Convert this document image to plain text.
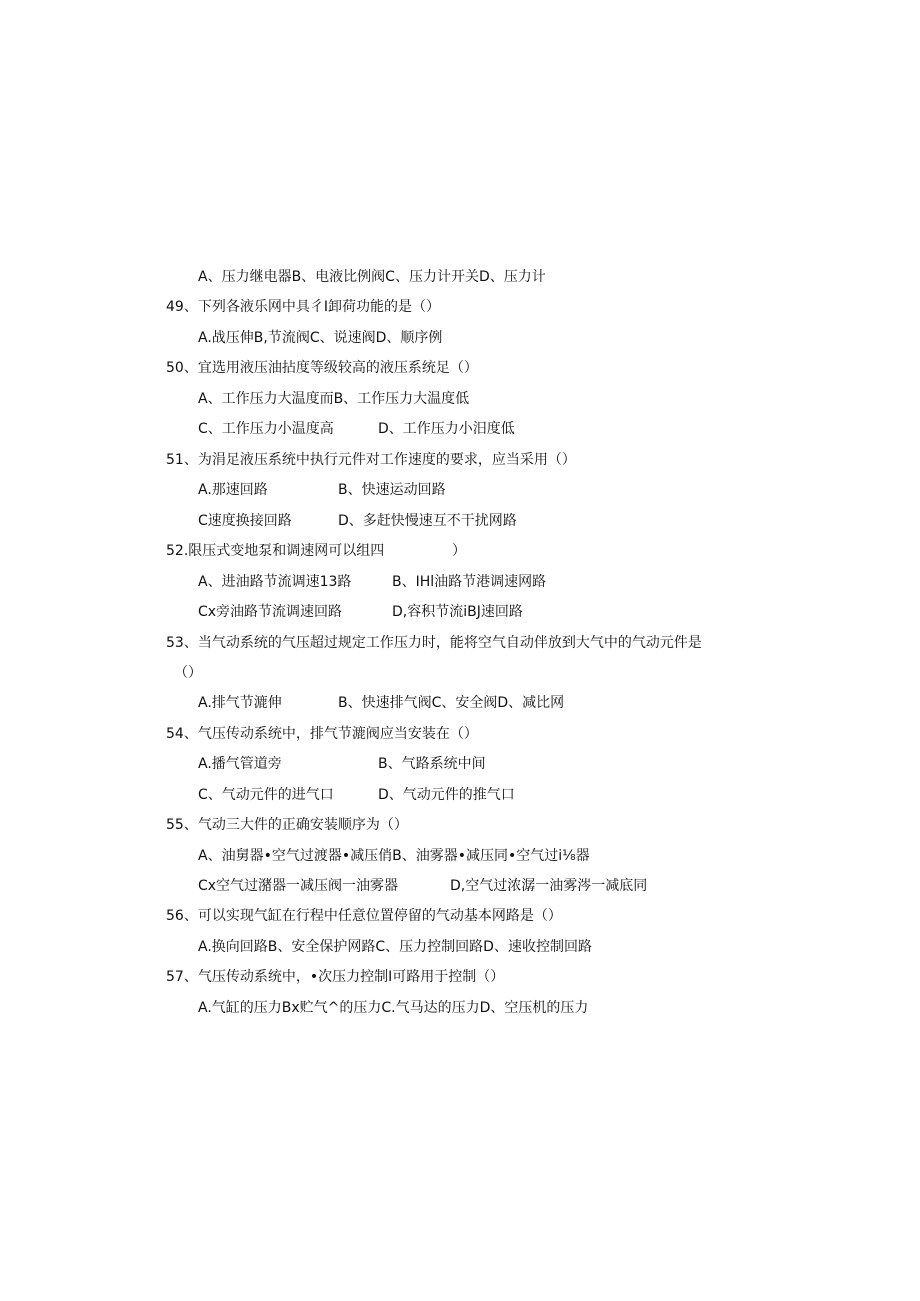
A、压力继电器B、电液比例阀C、压力计开关D、压力计
49、下列各液乐网中具彳I卸荷功能的是（）
A.战压伸B,节流阀C、说速阀D、顺序例
50、宜选用液压油拈度等级较高的液压系统足（）
A、工作压力大温度而B、工作压力大温度低
C、工作压力小温度高	D、工作压力小汨度低
51、为涓足液压系统中执行元件对工作速度的要求，应当采用（）
A.那速回路	B、快速运动回路
C速度换接回路	D、多赶快慢速互不干扰网路
52.限压式变地泵和调速网可以组四	）
A、进油路节流调速13路	B、IHl油路节港调速网路
Cx旁油路节流调速回路	D,容积节流iBJ速回路
53、当气动系统的气压超过规定工作压力时，能将空气自动伴放到大气中的气动元件是
（）
A.排气节漉伸	B、快速排气阀C、安全阀D、减比网
54、气压传动系统中，排气节漉阀应当安装在（）
A.播气管道旁	B、气路系统中间
C、气动元件的进气口	D、气动元件的推气口
55、气动三大件的正确安装顺序为（）
A、油舅器•空气过渡器•减压俏B、油雾器•减压同•空气过i⅛器
Cx空气过潴器一减压阀一油雾器	D,空气过浓潺一油雾涔一减底同
56、可以实现气缸在行程中任意位置停留的气动基本网路是（）
A.换向回路B、安全保护网路C、压力控制回路D、速收控制回路
57、气压传动系统中，•次压力控制I可路用于控制（）
A.气缸的压力Bx贮气^的压力C.气马达的压力D、空压机的压力
